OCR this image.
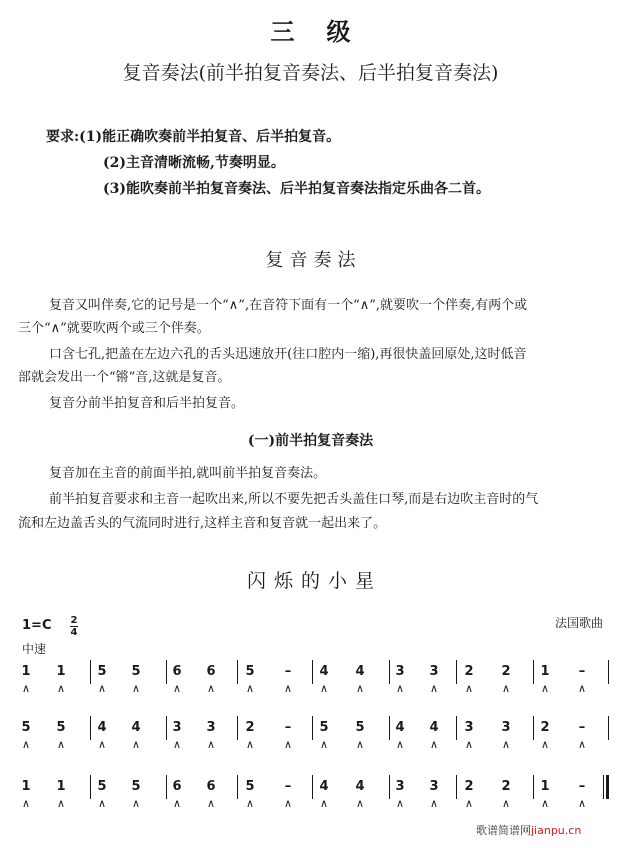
三级
复音奏法(前半拍复音奏法、后半拍复音奏法)
要求:(1)能正确吹奏前半拍复音、后半拍复音。
(2)主音清晰流畅,节奏明显。
(3)能吹奏前半拍复音奏法、后半拍复音奏法指定乐曲各二首。
复音奏法
复音又叫伴奏,它的记号是一个“∧”,在音符下面有一个“∧”,就要吹一个伴奏,有两个或
三个“∧”就要吹两个或三个伴奏。
口含七孔,把盖在左边六孔的舌头迅速放开(往口腔内一缩),再很快盖回原处,这时低音
部就会发出一个“锵”音,这就是复音。
复音分前半拍复音和后半拍复音。
(一)前半拍复音奏法
复音加在主音的前面半拍,就叫前半拍复音奏法。
前半拍复音要求和主音一起吹出来,所以不要先把舌头盖住口琴,而是右边吹主音时的气
流和左边盖舌头的气流同时进行,这样主音和复音就一起出来了。
闪烁的小星
1=C 2
4
中速
法国歌曲
1
∧
1
∧
5
∧
5
∧
6
∧
6
∧
5
∧
–
∧
4
∧
4
∧
3
∧
3
∧
2
∧
2
∧
1
∧
–
∧
5
∧
5
∧
4
∧
4
∧
3
∧
3
∧
2
∧
–
∧
5
∧
5
∧
4
∧
4
∧
3
∧
3
∧
2
∧
–
∧
1
∧
1
∧
5
∧
5
∧
6
∧
6
∧
5
∧
–
∧
4
∧
4
∧
3
∧
3
∧
2
∧
2
∧
1
∧
–
∧
歌谱简谱网jianpu.cn
